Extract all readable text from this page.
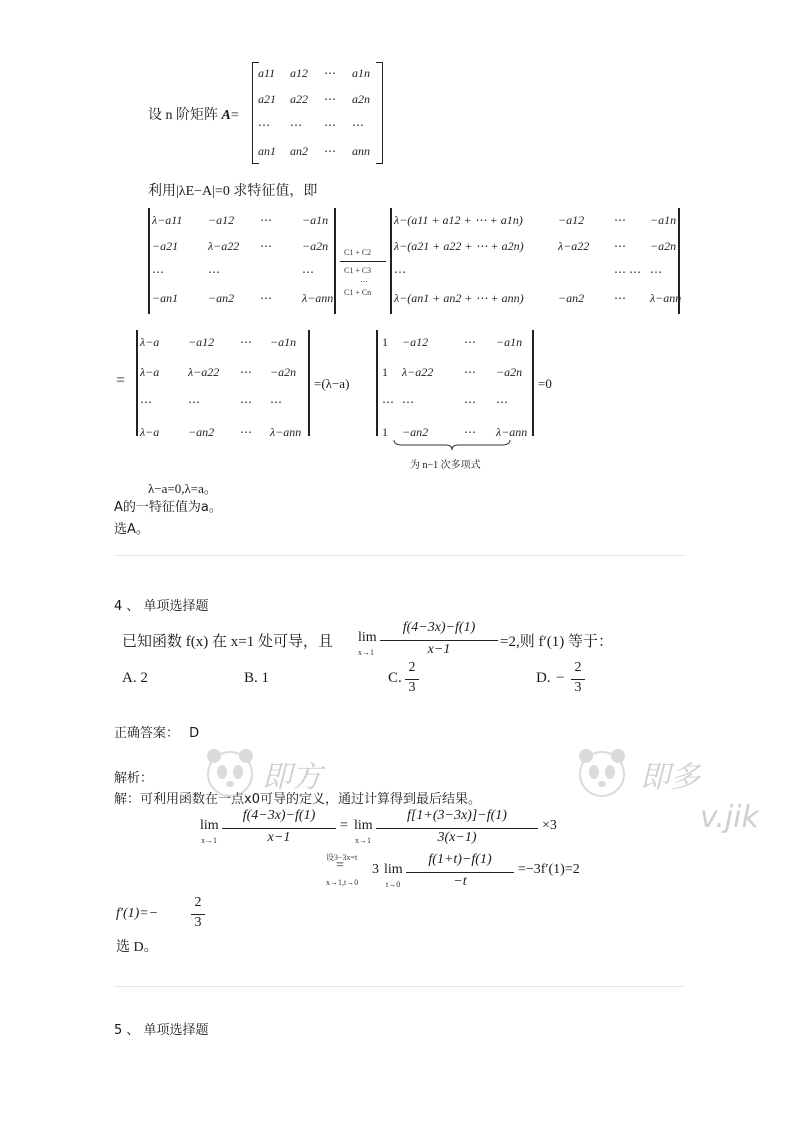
设 n 阶矩阵 A=
a11 a12 ⋯ a1n
a21 a22 ⋯ a2n
⋯ ⋯ ⋯ ⋯
an1 an2 ⋯ ann
利用|λE−A|=0 求特征值，即
λ−a11 −a12 ⋯	−a1n
−a21 λ−a22 ⋯	−a2n
⋯	⋯	⋯
−an1 −an2 ⋯	λ−ann
C1 + C2
C1 + C3
⋯
C1 + Cn
λ−(a11 + a12 + ⋯ + a1n)	−a12 ⋯ −a1n
λ−(a21 + a22 + ⋯ + a2n)	λ−a22 ⋯ −a2n
⋯	⋯ ⋯ ⋯
λ−(an1 + an2 + ⋯ + ann)	−an2 ⋯ λ−ann
=
λ−a −a12 ⋯ −a1n
λ−a λ−a22 ⋯ −a2n
⋯	⋯	⋯ ⋯
λ−a −an2 ⋯ λ−ann
=(λ−a)
1 −a12	⋯ −a1n
1 λ−a22	⋯ −a2n
⋯ ⋯	⋯ ⋯
1 −an2	⋯ λ−ann
=0
为 n−1 次多项式
λ−a=0,λ=a。
A的一特征值为a。
选A。
4 、 单项选择题
已知函数 f(x) 在 x=1 处可导，且 lim
x→1
f(4−3x)−f(1)
x−1	=2,则 f′(1) 等于：
A. 2	B. 1	C.
2
3
D. −
2
3
正确答案： D
解析：
解：可利用函数在一点x0可导的定义，通过计算得到最后结果。
lim
x→1
f(4−3x)−f(1)
x−1
= lim
x→1
f[1+(3−3x)]−f(1)
3(x−1)
×3
设3−3x=t
=
x→1,t→0
3 lim
t→0
f(1+t)−f(1)
−t
=−3f′(1)=2
f′(1)=−
2
3
选 D。
5 、 单项选择题
即方	即多
v.jik
